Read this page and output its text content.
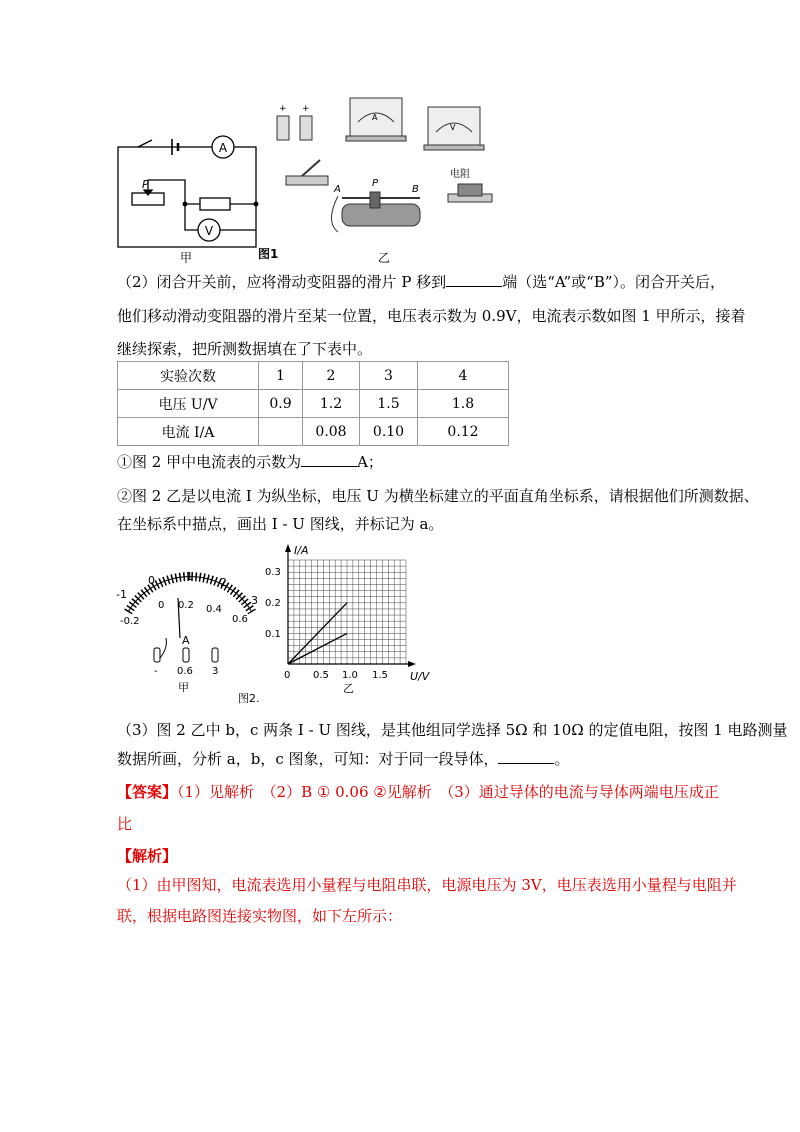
A
V
P
+ +
A
V
A
P
B
电阻
甲	图1	乙
（2）闭合开关前，应将滑动变阻器的滑片 P 移到	端（选“A”或“B”）。闭合开关后，
他们移动滑动变阻器的滑片至某一位置，电压表示数为 0.9V，电流表示数如图 1 甲所示，接着
继续探索，把所测数据填在了下表中。
实验次数	1	2	3	4
电压 U/V	0.9	1.2	1.5	1.8
电流 I/A		0.08	0.10	0.12
①图 2 甲中电流表的示数为	A；
②图 2 乙是以电流 I 为纵坐标，电压 U 为横坐标建立的平面直角坐标系，请根据他们所测数据、
在坐标系中描点，画出 I - U 图线，并标记为 a。
-1
0	1 2
3
-0.2
0 0.2 0.4
0.6
A
- 0.6 3
甲
图2.
I/A
U/V
0.3
0.2
0.1
0 0.5 1.0 1.5
乙
（3）图 2 乙中 b，c 两条 I - U 图线，是其他组同学选择 5Ω 和 10Ω 的定值电阻，按图 1 电路测量
数据所画，分析 a，b，c 图象，可知：对于同一段导体，	。
【答案】（1）见解析　（2）B ① 0.06 ②见解析　（3）通过导体的电流与导体两端电压成正
比
【解析】
（1）由甲图知，电流表选用小量程与电阻串联，电源电压为 3V，电压表选用小量程与电阻并
联，根据电路图连接实物图，如下左所示：
